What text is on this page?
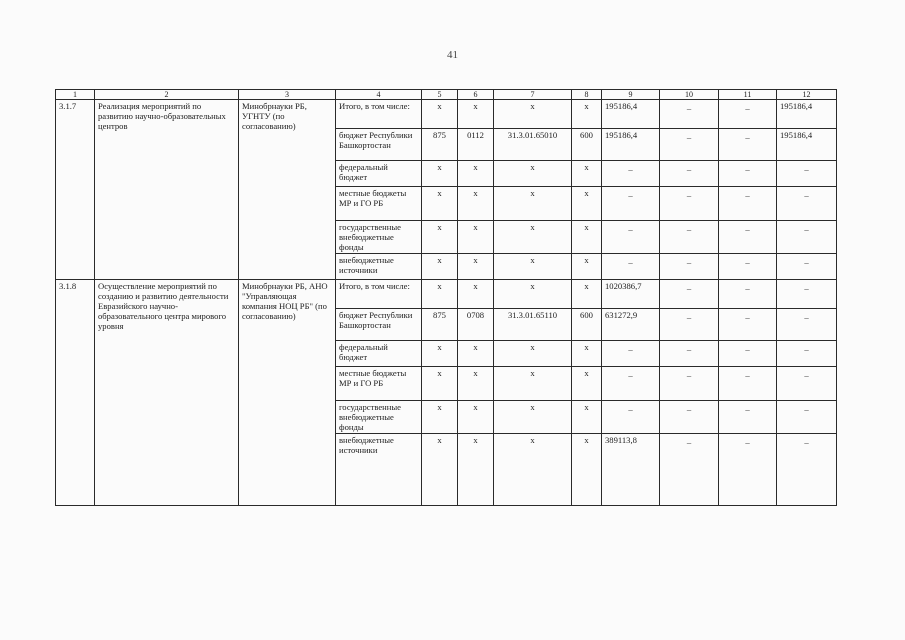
41
1	2	3	4	5	6	7	8	9	10	11	12
3.1.7	Реализация мероприятий по развитию научно-образовательных центров	Минобрнауки РБ, УГНТУ (по согласованию)	Итого, в том числе:	x	x	x	x	195186,4	_	_	195186,4
			бюджет Республики Башкортостан	875	0112	31.3.01.65010	600	195186,4	_	_	195186,4
			федеральный бюджет	x	x	x	x	_	_	_	_
			местные бюджеты МР и ГО РБ	x	x	x	x	_	_	_	_
			государственные внебюджетные фонды	x	x	x	x	_	_	_	_
			внебюджетные источники	x	x	x	x	_	_	_	_
3.1.8	Осуществление мероприятий по созданию и развитию деятельности Евразийского научно-образовательного центра мирового уровня	Минобрнауки РБ, АНО "Управляющая компания НОЦ РБ" (по согласованию)	Итого, в том числе:	x	x	x	x	1020386,7	_	_	_
			бюджет Республики Башкортостан	875	0708	31.3.01.65110	600	631272,9	_	_	_
			федеральный бюджет	x	x	x	x	_	_	_	_
			местные бюджеты МР и ГО РБ	x	x	x	x	_	_	_	_
			государственные внебюджетные фонды	x	x	x	x	_	_	_	_
			внебюджетные источники	x	x	x	x	389113,8	_	_	_
